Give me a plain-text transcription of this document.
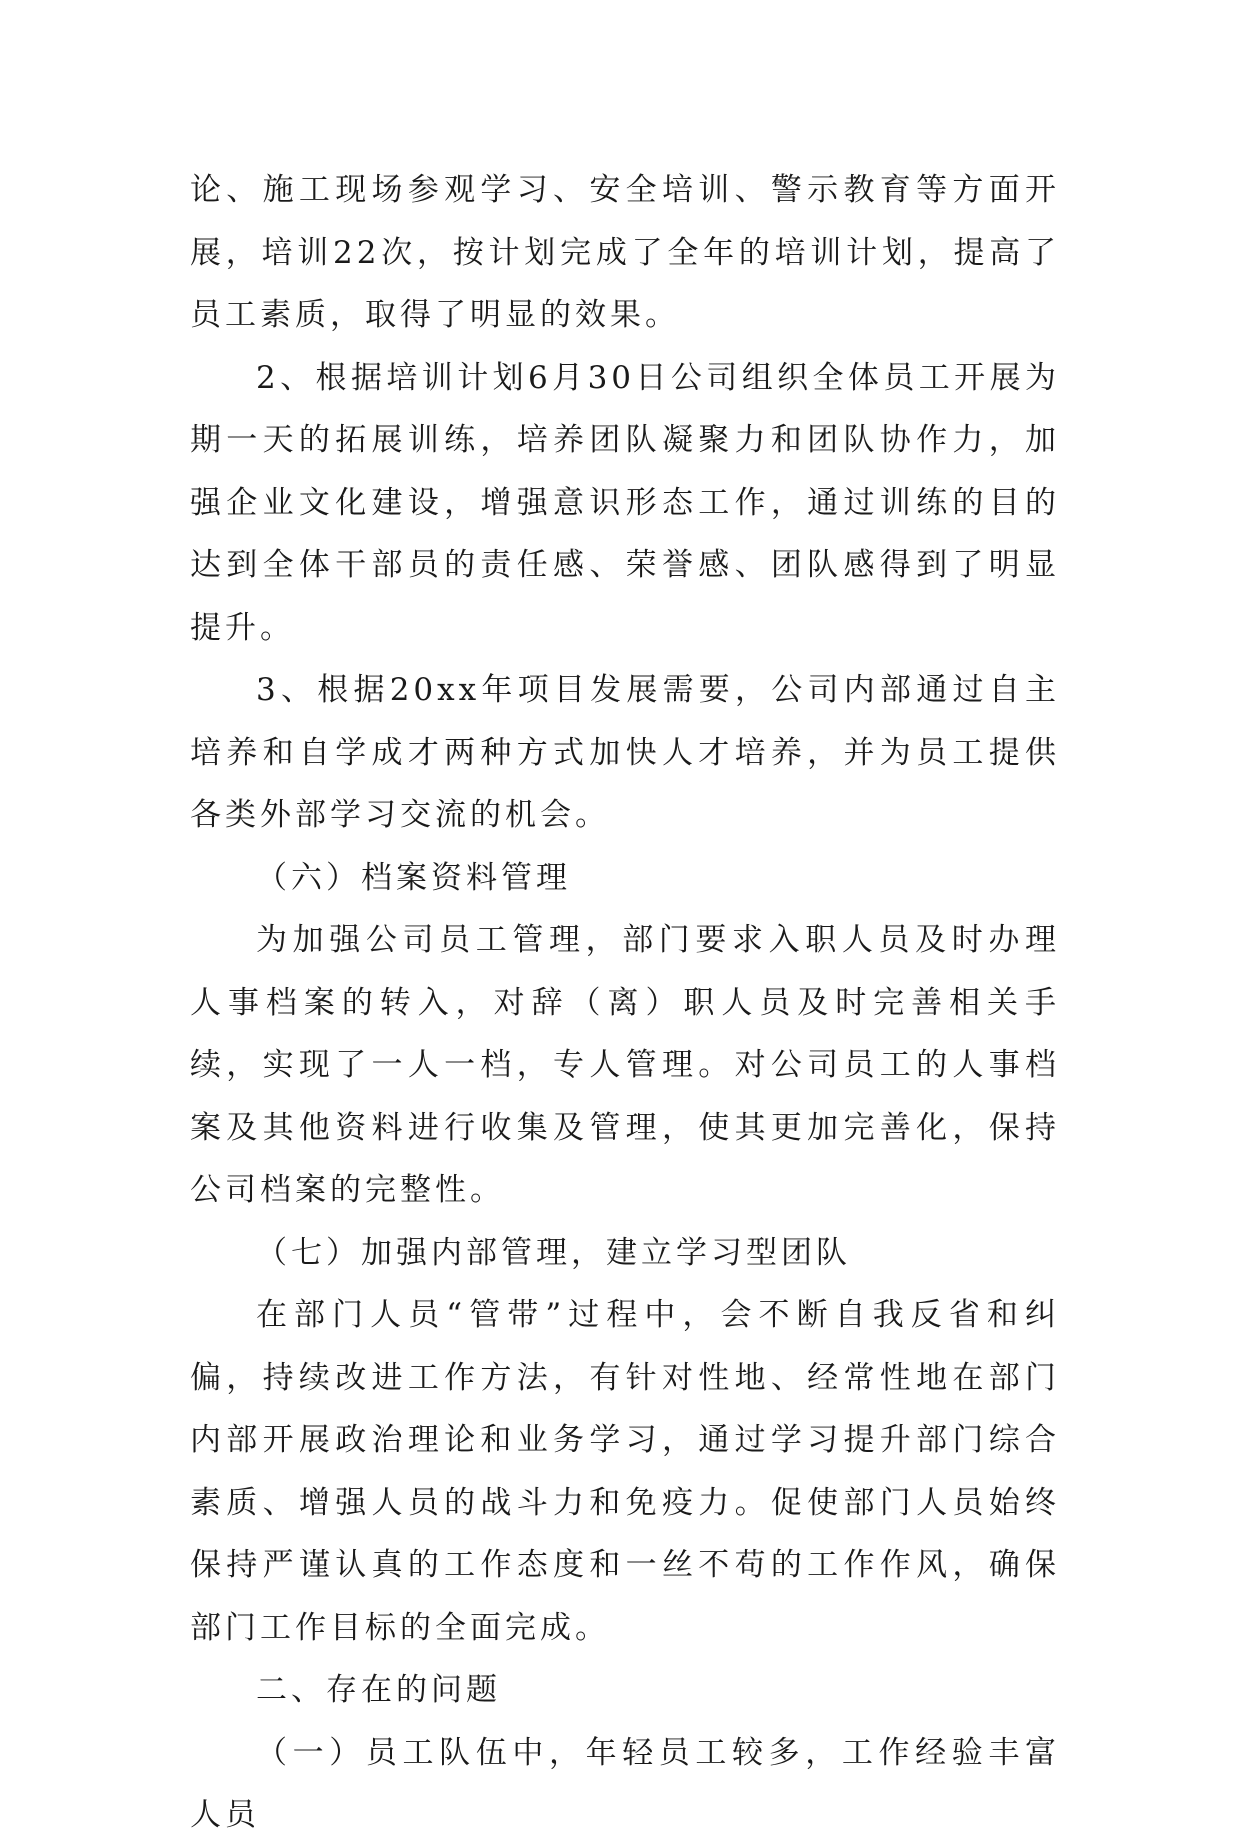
论、施工现场参观学习、安全培训、警示教育等方面开展，培训22次，按计划完成了全年的培训计划，提高了员工素质，取得了明显的效果。

2、根据培训计划6月30日公司组织全体员工开展为期一天的拓展训练，培养团队凝聚力和团队协作力，加强企业文化建设，增强意识形态工作，通过训练的目的达到全体干部员的责任感、荣誉感、团队感得到了明显提升。

3、根据20xx年项目发展需要，公司内部通过自主培养和自学成才两种方式加快人才培养，并为员工提供各类外部学习交流的机会。

（六）档案资料管理

为加强公司员工管理，部门要求入职人员及时办理人事档案的转入，对辞（离）职人员及时完善相关手续，实现了一人一档，专人管理。对公司员工的人事档案及其他资料进行收集及管理，使其更加完善化，保持公司档案的完整性。

（七）加强内部管理，建立学习型团队

在部门人员“管带”过程中，会不断自我反省和纠偏，持续改进工作方法，有针对性地、经常性地在部门内部开展政治理论和业务学习，通过学习提升部门综合素质、增强人员的战斗力和免疫力。促使部门人员始终保持严谨认真的工作态度和一丝不苟的工作作风，确保部门工作目标的全面完成。

二、存在的问题

（一）员工队伍中，年轻员工较多，工作经验丰富人员
